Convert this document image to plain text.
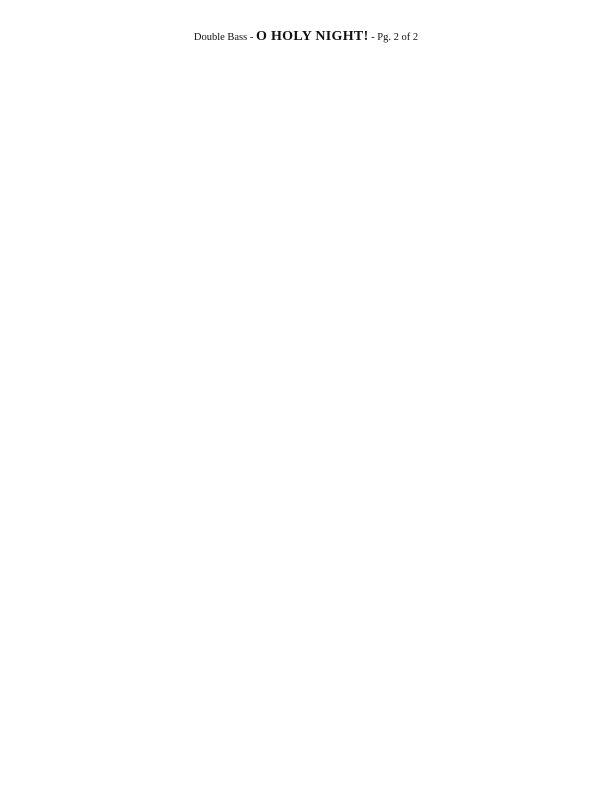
Double Bass - O HOLY NIGHT! - Pg. 2 of 2
